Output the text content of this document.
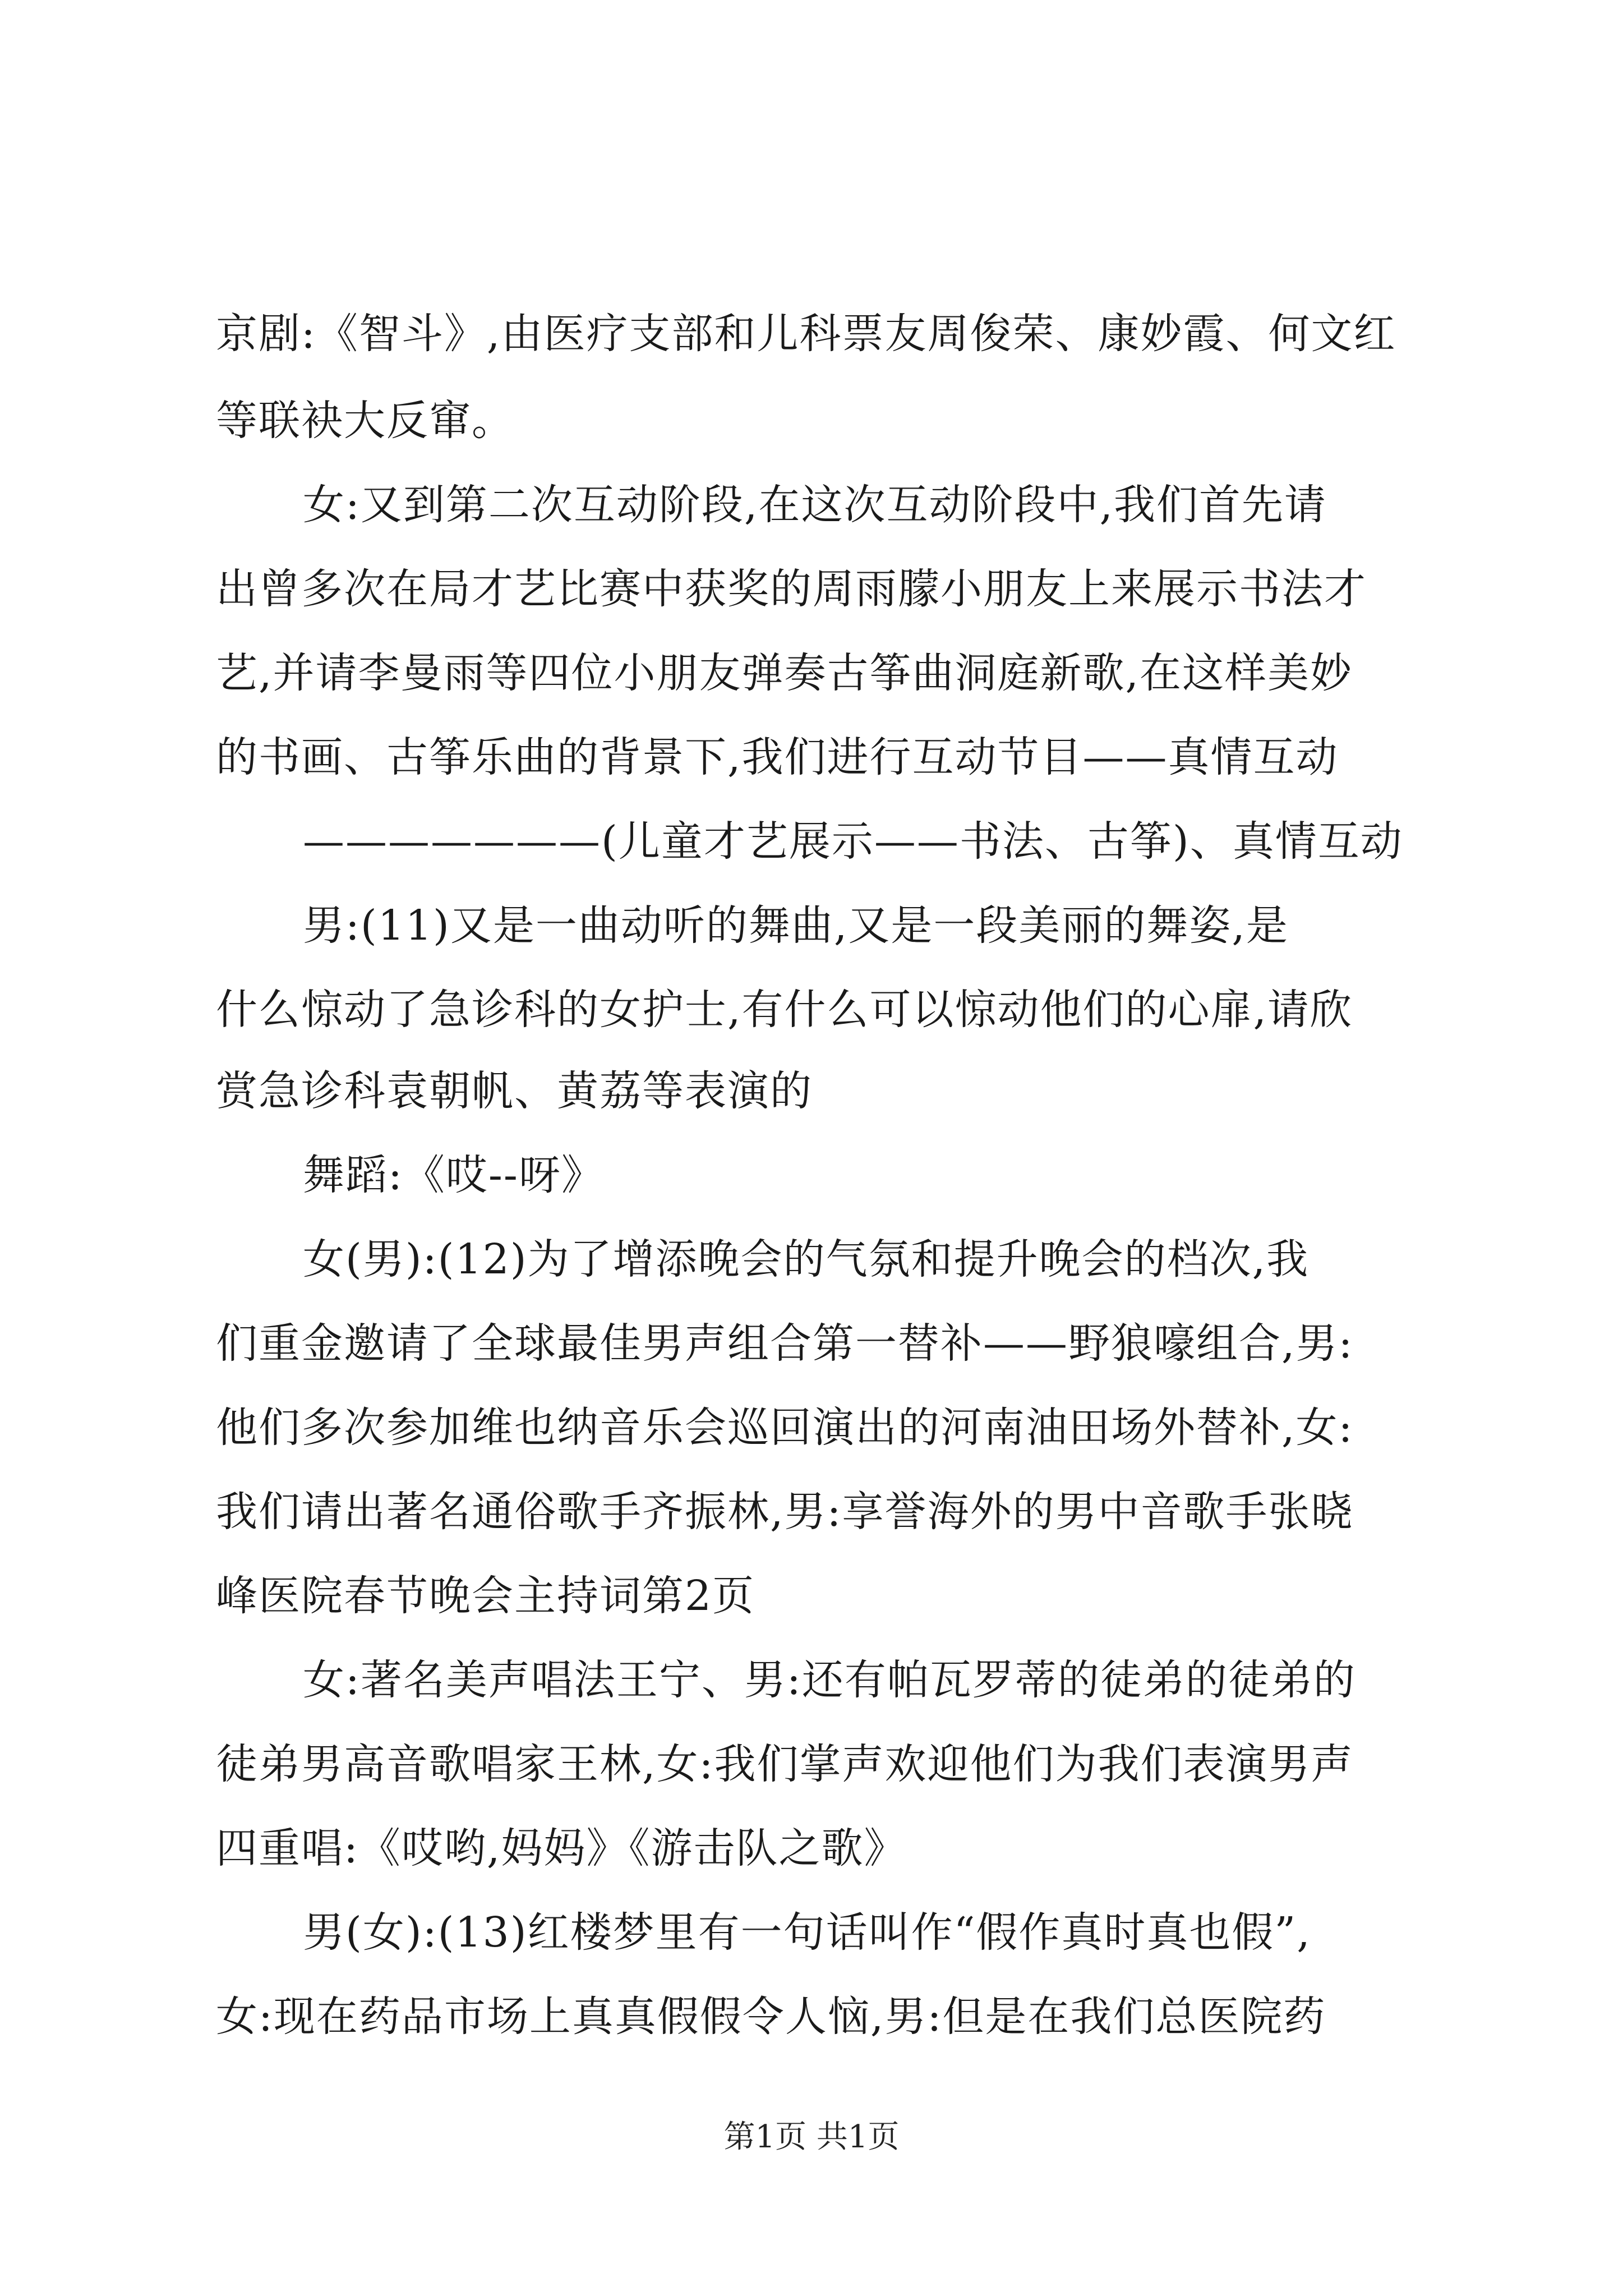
京剧:《智斗》,由医疗支部和儿科票友周俊荣、康妙霞、何文红
等联袂大反窜。
女:又到第二次互动阶段,在这次互动阶段中,我们首先请
出曾多次在局才艺比赛中获奖的周雨朦小朋友上来展示书法才
艺,并请李曼雨等四位小朋友弹奏古筝曲洞庭新歌,在这样美妙
的书画、古筝乐曲的背景下,我们进行互动节目——真情互动
———————(儿童才艺展示——书法、古筝)、真情互动
男:(11)又是一曲动听的舞曲,又是一段美丽的舞姿,是
什么惊动了急诊科的女护士,有什么可以惊动他们的心扉,请欣
赏急诊科袁朝帆、黄荔等表演的
舞蹈:《哎--呀》
女(男):(12)为了增添晚会的气氛和提升晚会的档次,我
们重金邀请了全球最佳男声组合第一替补——野狼嚎组合,男:
他们多次参加维也纳音乐会巡回演出的河南油田场外替补,女:
我们请出著名通俗歌手齐振林,男:享誉海外的男中音歌手张晓
峰医院春节晚会主持词第2页
女:著名美声唱法王宁、男:还有帕瓦罗蒂的徒弟的徒弟的
徒弟男高音歌唱家王林,女:我们掌声欢迎他们为我们表演男声
四重唱:《哎哟,妈妈》《游击队之歌》
男(女):(13)红楼梦里有一句话叫作“假作真时真也假”,
女:现在药品市场上真真假假令人恼,男:但是在我们总医院药
第1页 共1页
